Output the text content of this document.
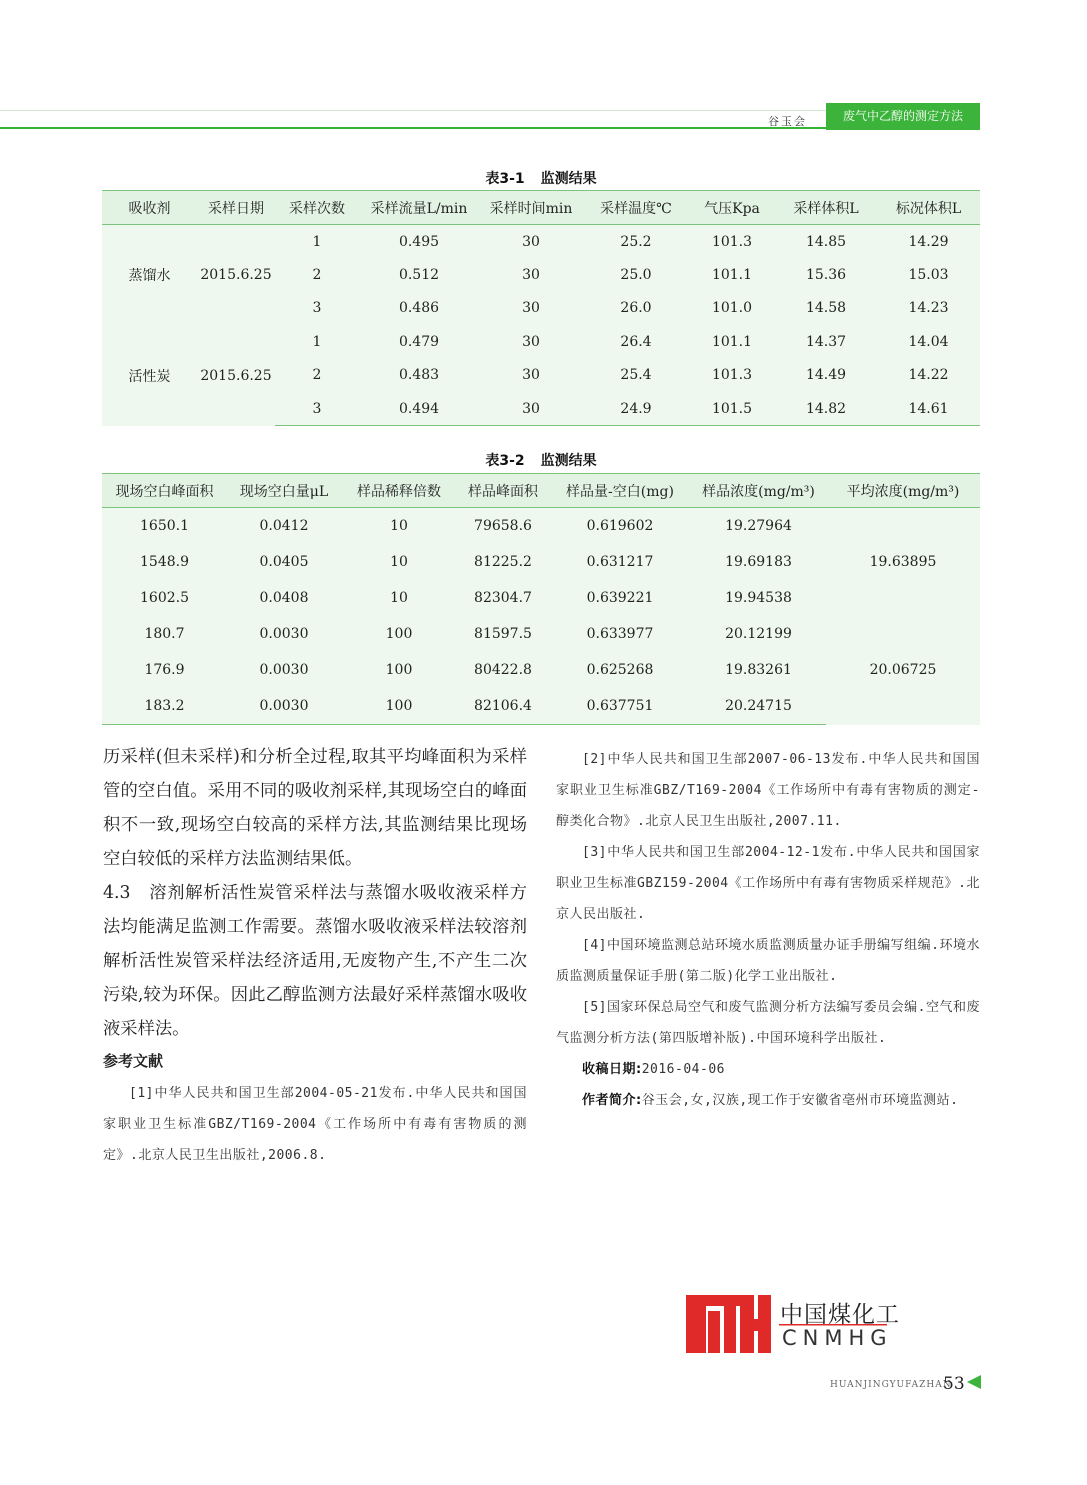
谷玉会	废气中乙醇的测定方法
表3-1 监测结果
吸收剂	采样日期	采样次数	采样流量L/min	采样时间min	采样温度℃	气压Kpa	采样体积L	标况体积L
蒸馏水	2015.6.25	1	0.495	30	25.2	101.3	14.85	14.29
		2	0.512	30	25.0	101.1	15.36	15.03
		3	0.486	30	26.0	101.0	14.58	14.23
活性炭	2015.6.25	1	0.479	30	26.4	101.1	14.37	14.04
		2	0.483	30	25.4	101.3	14.49	14.22
		3	0.494	30	24.9	101.5	14.82	14.61
表3-2 监测结果
现场空白峰面积	现场空白量μL	样品稀释倍数	样品峰面积	样品量-空白(mg)	样品浓度(mg/m³)	平均浓度(mg/m³)
1650.1	0.0412	10	79658.6	0.619602	19.27964	19.63895
1548.9	0.0405	10	81225.2	0.631217	19.69183	
1602.5	0.0408	10	82304.7	0.639221	19.94538	
180.7	0.0030	100	81597.5	0.633977	20.12199	20.06725
176.9	0.0030	100	80422.8	0.625268	19.83261	
183.2	0.0030	100	82106.4	0.637751	20.24715	

历采样(但未采样)和分析全过程,取其平均峰面积为采样管的空白值。采用不同的吸收剂采样,其现场空白的峰面积不一致,现场空白较高的采样方法,其监测结果比现场空白较低的采样方法监测结果低。

4.3　溶剂解析活性炭管采样法与蒸馏水吸收液采样方法均能满足监测工作需要。蒸馏水吸收液采样法较溶剂解析活性炭管采样法经济适用,无废物产生,不产生二次污染,较为环保。因此乙醇监测方法最好采样蒸馏水吸收液采样法。

参考文献

[1]中华人民共和国卫生部2004-05-21发布.中华人民共和国国家职业卫生标准GBZ/T169-2004《工作场所中有毒有害物质的测定》.北京人民卫生出版社,2006.8.

[2]中华人民共和国卫生部2007-06-13发布.中华人民共和国国家职业卫生标准GBZ/T169-2004《工作场所中有毒有害物质的测定-醇类化合物》.北京人民卫生出版社,2007.11.

[3]中华人民共和国卫生部2004-12-1发布.中华人民共和国国家职业卫生标准GBZ159-2004《工作场所中有毒有害物质采样规范》.北京人民出版社.

[4]中国环境监测总站环境水质监测质量办证手册编写组编.环境水质监测质量保证手册(第二版)化学工业出版社.

[5]国家环保总局空气和废气监测分析方法编写委员会编.空气和废气监测分析方法(第四版增补版).中国环境科学出版社.

收稿日期:2016-04-06

作者简介:谷玉会,女,汉族,现工作于安徽省亳州市环境监测站.

中国煤化工
CNMHG
HUANJINGYUFAZHAN
53
